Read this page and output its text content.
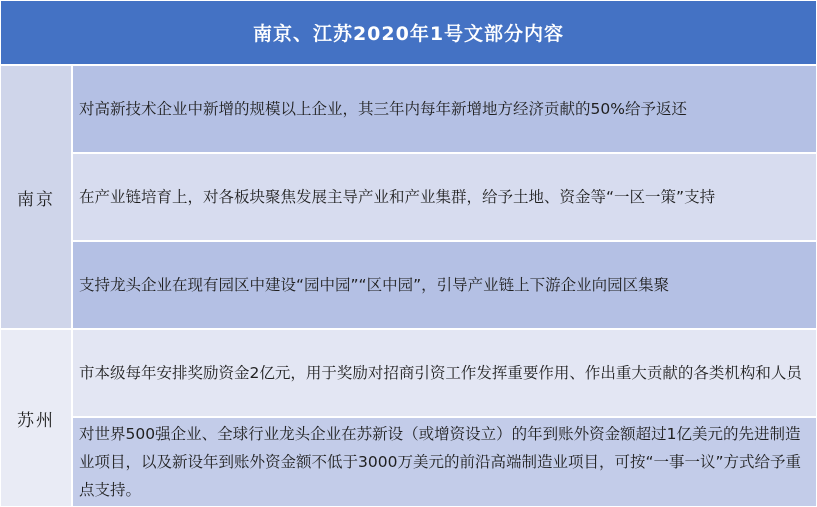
南京、江苏2020年1号文部分内容
南京
对高新技术企业中新增的规模以上企业，其三年内每年新增地方经济贡献的50%给予返还
在产业链培育上，对各板块聚焦发展主导产业和产业集群，给予土地、资金等“一区一策”支持
支持龙头企业在现有园区中建设“园中园”“区中园”，引导产业链上下游企业向园区集聚
苏州
市本级每年安排奖励资金2亿元，用于奖励对招商引资工作发挥重要作用、作出重大贡献的各类机构和人员
对世界500强企业、全球行业龙头企业在苏新设（或增资设立）的年到账外资金额超过1亿美元的先进制造业项目，以及新设年到账外资金额不低于3000万美元的前沿高端制造业项目，可按“一事一议”方式给予重点支持。
